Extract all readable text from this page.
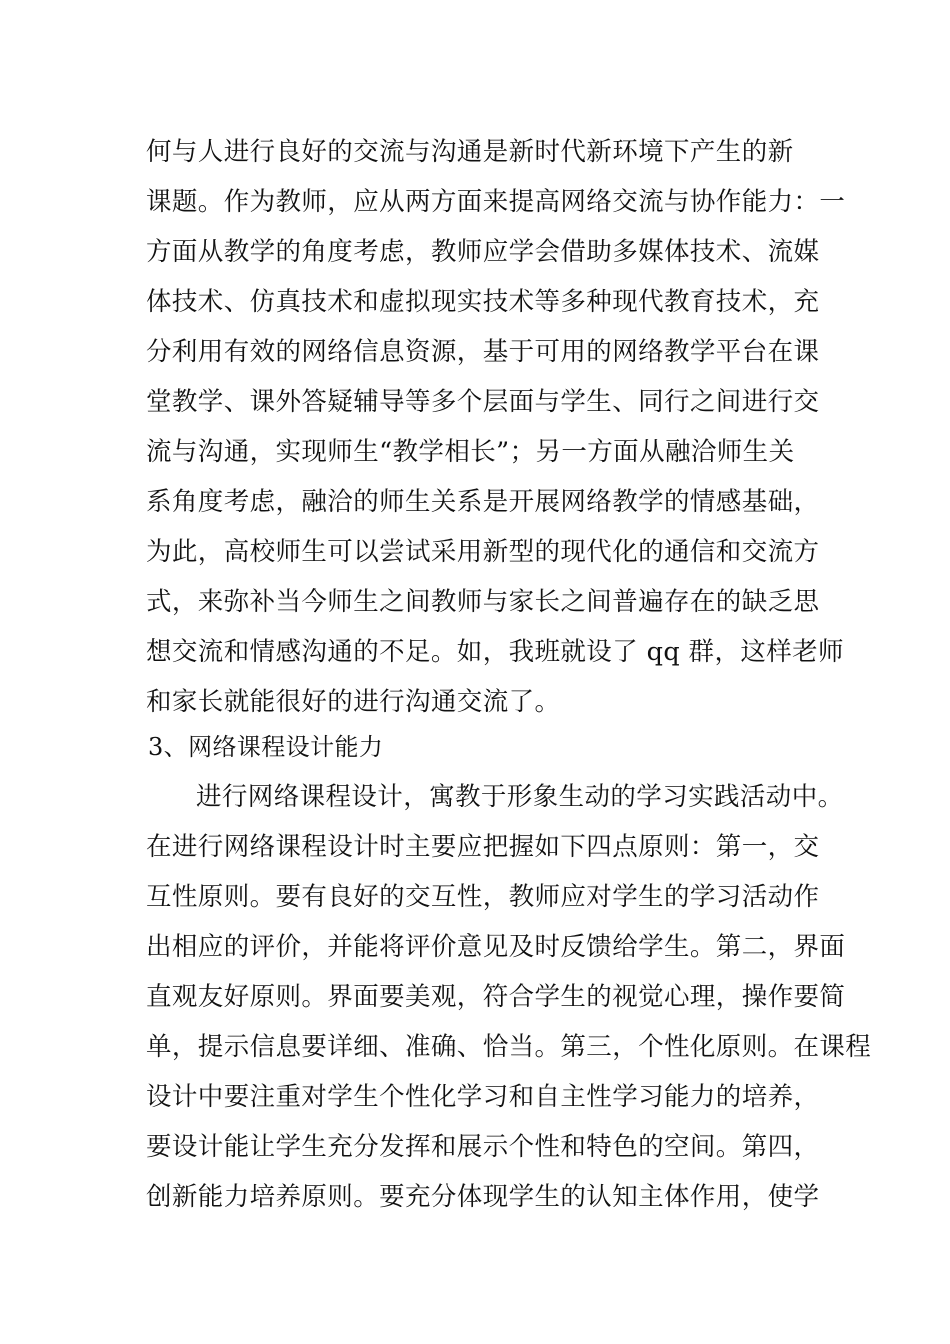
何与人进行良好的交流与沟通是新时代新环境下产生的新
课题。作为教师，应从两方面来提高网络交流与协作能力：一
方面从教学的角度考虑，教师应学会借助多媒体技术、流媒
体技术、仿真技术和虚拟现实技术等多种现代教育技术，充
分利用有效的网络信息资源，基于可用的网络教学平台在课
堂教学、课外答疑辅导等多个层面与学生、同行之间进行交
流与沟通，实现师生“教学相长”；另一方面从融洽师生关
系角度考虑，融洽的师生关系是开展网络教学的情感基础，
为此，高校师生可以尝试采用新型的现代化的通信和交流方
式，来弥补当今师生之间教师与家长之间普遍存在的缺乏思
想交流和情感沟通的不足。如，我班就设了 qq 群，这样老师
和家长就能很好的进行沟通交流了。
3、网络课程设计能力
进行网络课程设计，寓教于形象生动的学习实践活动中。
在进行网络课程设计时主要应把握如下四点原则：第一，交
互性原则。要有良好的交互性，教师应对学生的学习活动作
出相应的评价，并能将评价意见及时反馈给学生。第二，界面
直观友好原则。界面要美观，符合学生的视觉心理，操作要简
单，提示信息要详细、准确、恰当。第三，个性化原则。在课程
设计中要注重对学生个性化学习和自主性学习能力的培养，
要设计能让学生充分发挥和展示个性和特色的空间。第四，
创新能力培养原则。要充分体现学生的认知主体作用，使学
